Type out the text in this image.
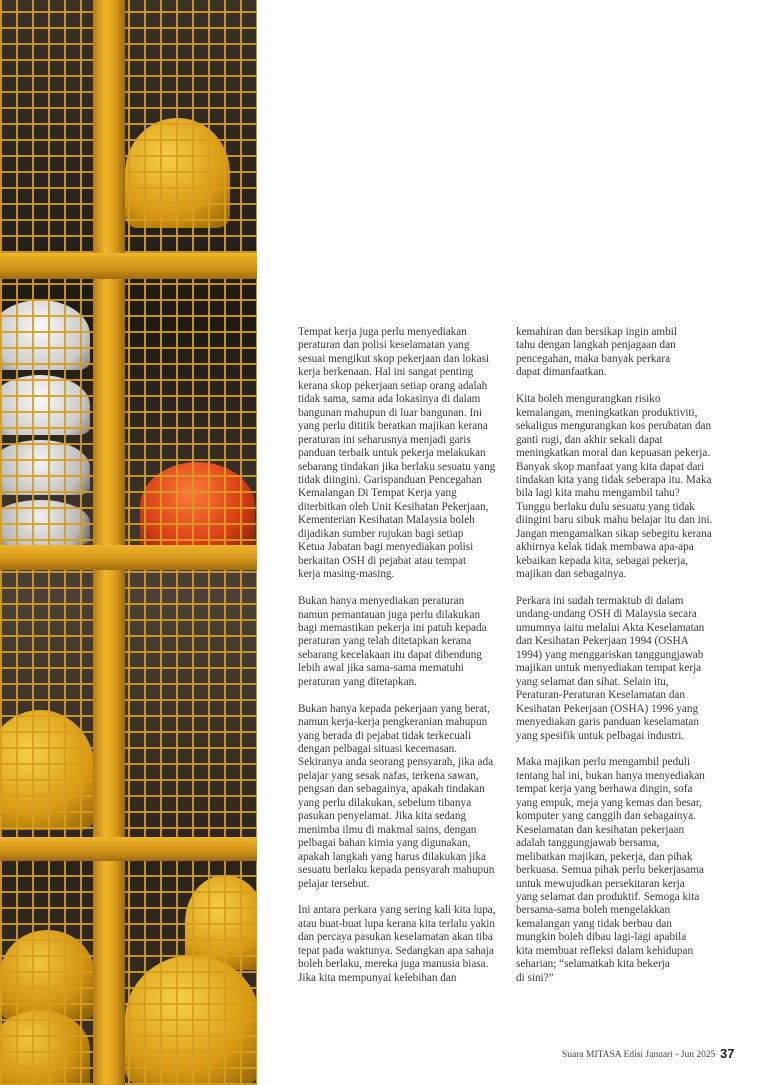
Tempat kerja juga perlu menyediakan
peraturan dan polisi keselamatan yang
sesuai mengikut skop pekerjaan dan lokasi
kerja berkenaan. Hal ini sangat penting
kerana skop pekerjaan setiap orang adalah
tidak sama, sama ada lokasinya di dalam
bangunan mahupun di luar bangunan. Ini
yang perlu dititik beratkan majikan kerana
peraturan ini seharusnya menjadi garis
panduan terbaik untuk pekerja melakukan
sebarang tindakan jika berlaku sesuatu yang
tidak diingini. Garispanduan Pencegahan
Kemalangan Di Tempat Kerja yang
diterbitkan oleh Unit Kesihatan Pekerjaan,
Kementerian Kesihatan Malaysia boleh
dijadikan sumber rujukan bagi setiap
Ketua Jabatan bagi menyediakan polisi
berkaitan OSH di pejabat atau tempat
kerja masing-masing.
Bukan hanya menyediakan peraturan
namun pemantauan juga perlu dilakukan
bagi memastikan pekerja ini patuh kepada
peraturan yang telah ditetapkan kerana
sebarang kecelakaan itu dapat dibendung
lebih awal jika sama-sama mematuhi
peraturan yang ditetapkan.
Bukan hanya kepada pekerjaan yang berat,
namun kerja-kerja pengkeranian mahupun
yang berada di pejabat tidak terkecuali
dengan pelbagai situasi kecemasan.
Sekiranya anda seorang pensyarah, jika ada
pelajar yang sesak nafas, terkena sawan,
pengsan dan sebagainya, apakah tindakan
yang perlu dilakukan, sebelum tibanya
pasukan penyelamat. Jika kita sedang
menimba ilmu di makmal sains, dengan
pelbagai bahan kimia yang digunakan,
apakah langkah yang harus dilakukan jika
sesuatu berlaku kepada pensyarah mahupun
pelajar tersebut.
Ini antara perkara yang sering kali kita lupa,
atau buat-buat lupa kerana kita terlalu yakin
dan percaya pasukan keselamatan akan tiba
tepat pada waktunya. Sedangkan apa sahaja
boleh berlaku, mereka juga manusia biasa.
Jika kita mempunyai kelebihan dan
kemahiran dan bersikap ingin ambil
tahu dengan langkah penjagaan dan
pencegahan, maka banyak perkara
dapat dimanfaatkan.
Kita boleh mengurangkan risiko
kemalangan, meningkatkan produktiviti,
sekaligus mengurangkan kos perubatan dan
ganti rugi, dan akhir sekali dapat
meningkatkan moral dan kepuasan pekerja.
Banyak skop manfaat yang kita dapat dari
tindakan kita yang tidak seberapa itu. Maka
bila lagi kita mahu mengambil tahu?
Tunggu berlaku dulu sesuatu yang tidak
diingini baru sibuk mahu belajar itu dan ini.
Jangan mengamalkan sikap sebegitu kerana
akhirnya kelak tidak membawa apa-apa
kebaikan kepada kita, sebagai pekerja,
majikan dan sebagainya.
Perkara ini sudah termaktub di dalam
undang-undang OSH di Malaysia secara
umumnya iaitu melalui Akta Keselamatan
dan Kesihatan Pekerjaan 1994 (OSHA
1994) yang menggariskan tanggungjawab
majikan untuk menyediakan tempat kerja
yang selamat dan sihat. Selain itu,
Peraturan-Peraturan Keselamatan dan
Kesihatan Pekerjaan (OSHA) 1996 yang
menyediakan garis panduan keselamatan
yang spesifik untuk pelbagai industri.
Maka majikan perlu mengambil peduli
tentang hal ini, bukan hanya menyediakan
tempat kerja yang berhawa dingin, sofa
yang empuk, meja yang kemas dan besar,
komputer yang canggih dan sebagainya.
Keselamatan dan kesihatan pekerjaan
adalah tanggungjawab bersama,
melibatkan majikan, pekerja, dan pihak
berkuasa. Semua pihak perlu bekerjasama
untuk mewujudkan persekitaran kerja
yang selamat dan produktif. Semoga kita
bersama-sama boleh mengelakkan
kemalangan yang tidak berbau dan
mungkin boleh dibau lagi-lagi apabila
kita membuat refleksi dalam kehidupan
seharian; “selamatkah kita bekerja
di sini?”
Suara MITASA Edisi Januari - Jun 2025 37
